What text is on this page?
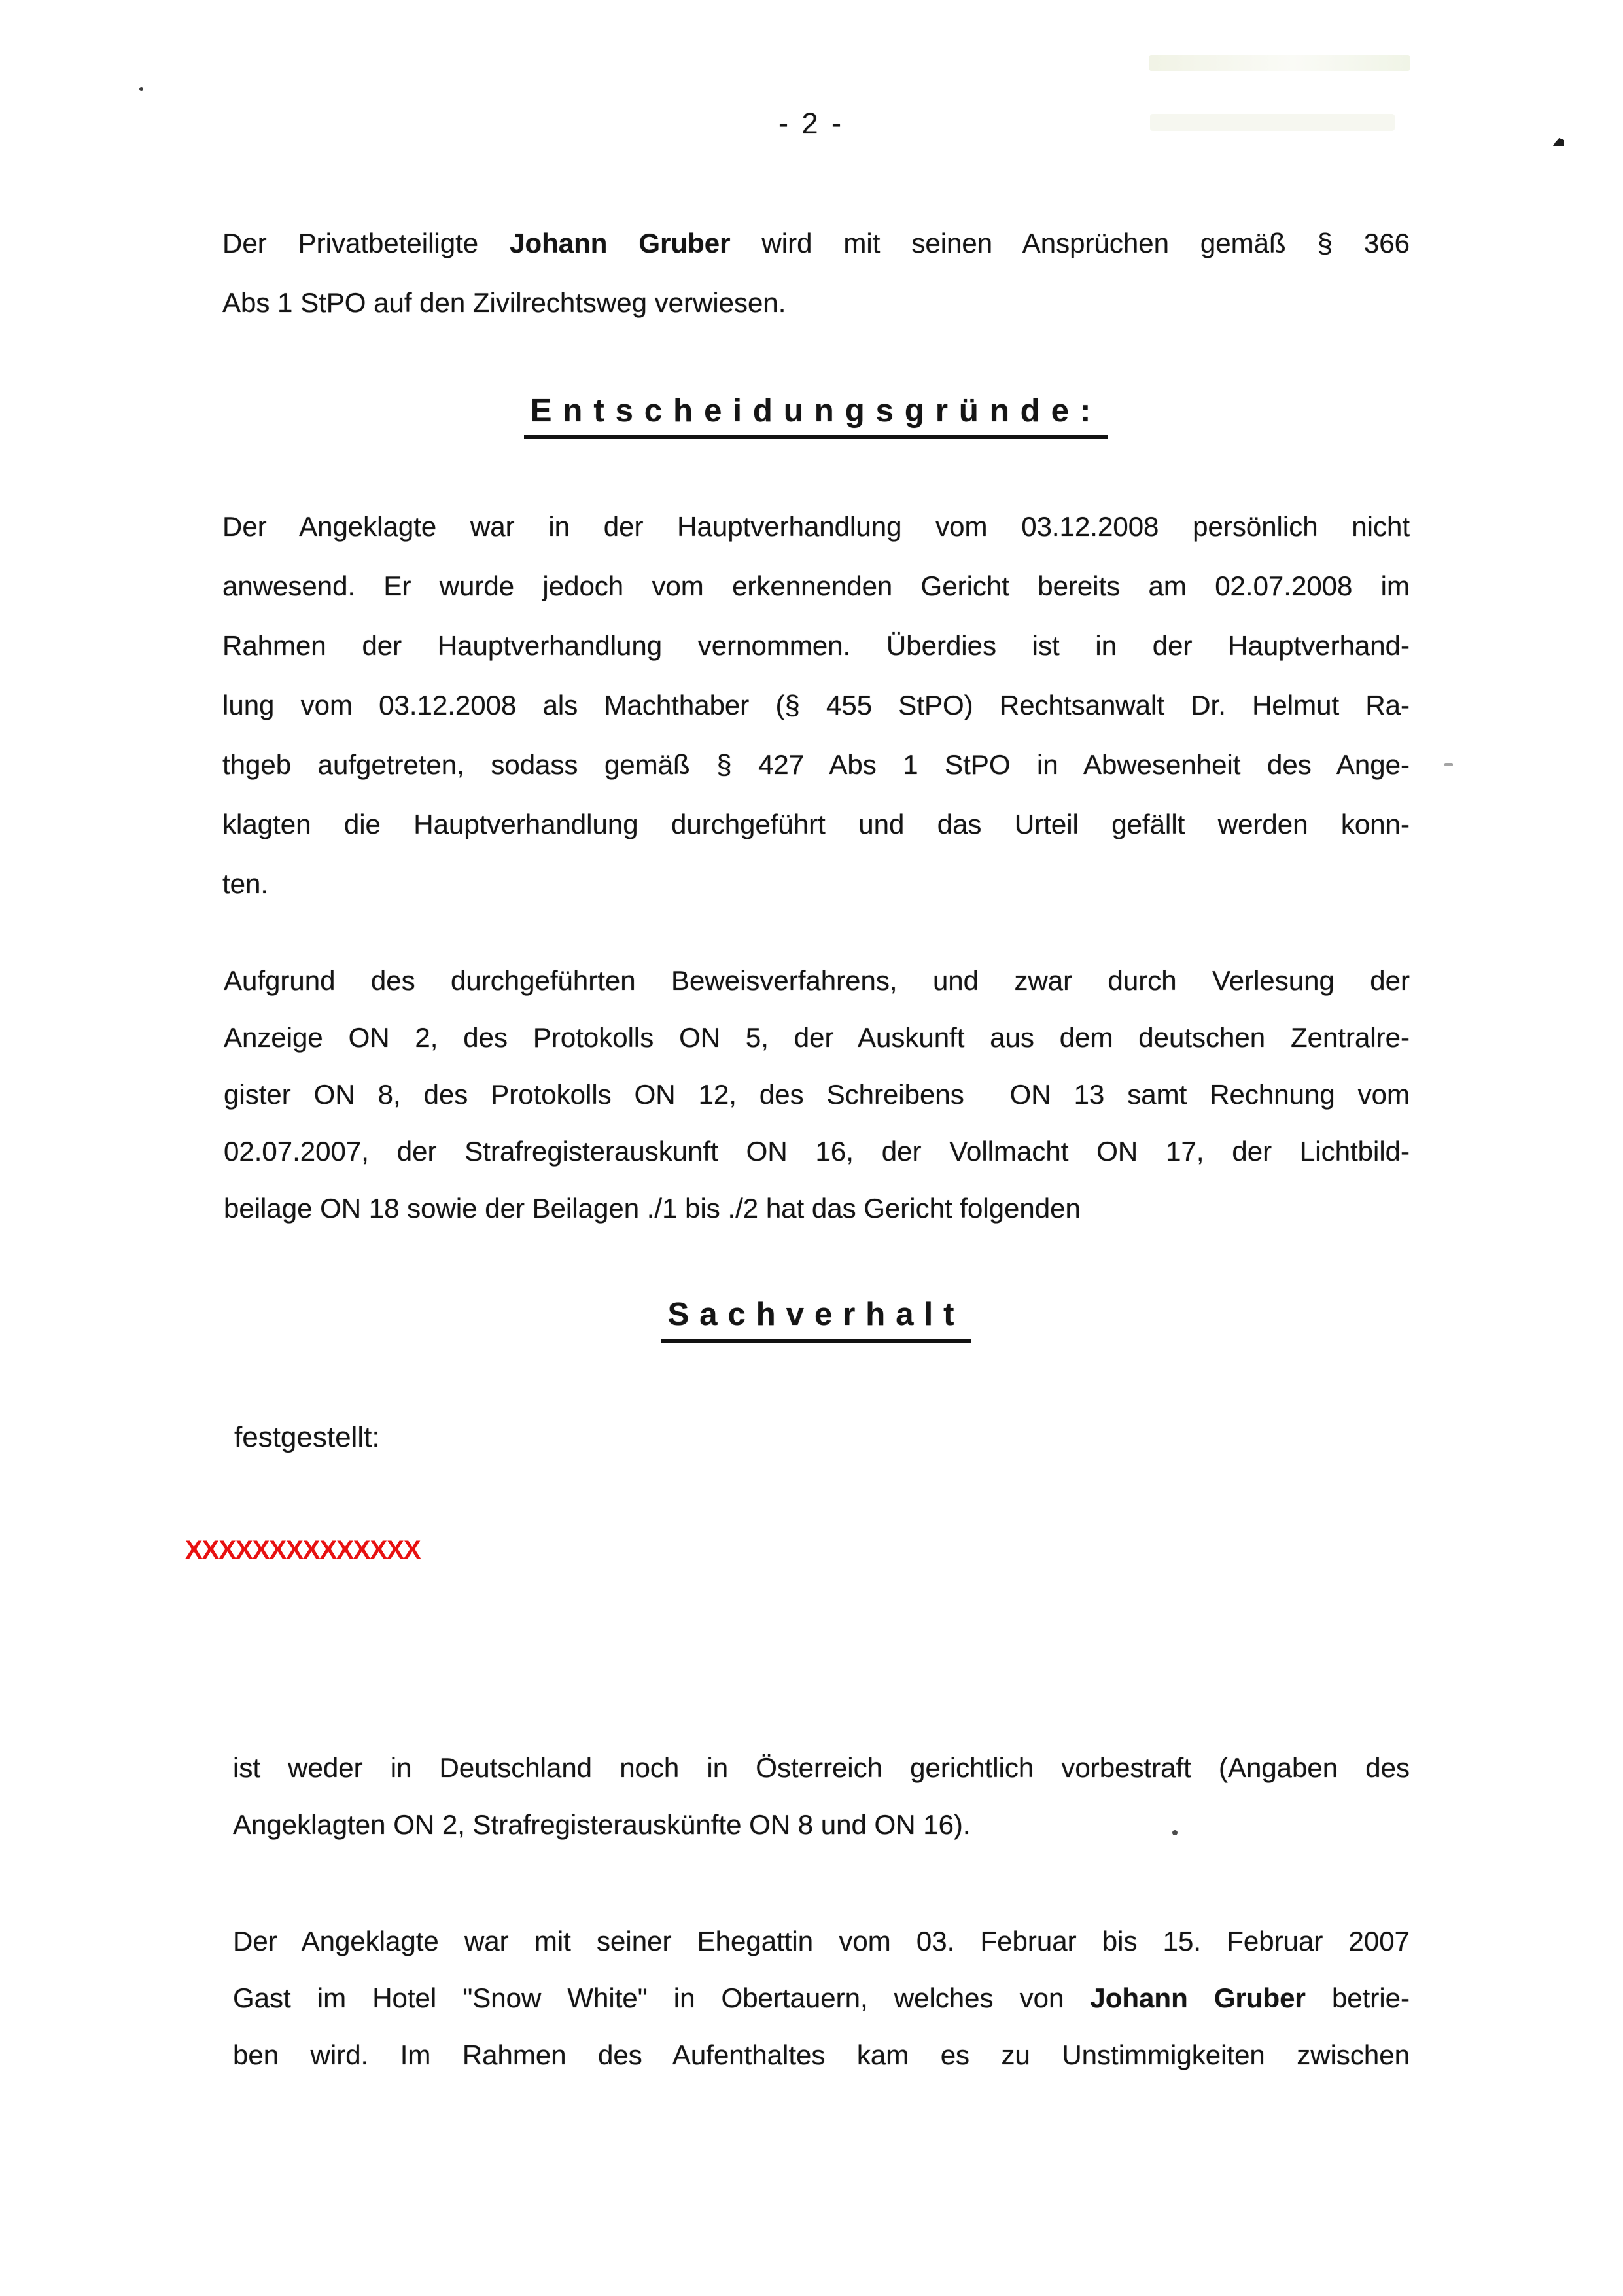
- 2 -
Der Privatbeteiligte Johann Gruber wird mit seinen Ansprüchen gemäß § 366
Abs 1 StPO auf den Zivilrechtsweg verwiesen.
Entscheidungsgründe:
Der Angeklagte war in der Hauptverhandlung vom 03.12.2008 persönlich nicht
anwesend. Er wurde jedoch vom erkennenden Gericht bereits am 02.07.2008 im
Rahmen der Hauptverhandlung vernommen. Überdies ist in der Hauptverhand-
lung vom 03.12.2008 als Machthaber (§ 455 StPO) Rechtsanwalt Dr. Helmut Ra-
thgeb aufgetreten, sodass gemäß § 427 Abs 1 StPO in Abwesenheit des Ange-
klagten die Hauptverhandlung durchgeführt und das Urteil gefällt werden konn-
ten.
Aufgrund des durchgeführten Beweisverfahrens, und zwar durch Verlesung der
Anzeige ON 2, des Protokolls ON 5, der Auskunft aus dem deutschen Zentralre-
gister ON 8, des Protokolls ON 12, des Schreibens  ON 13 samt Rechnung vom
02.07.2007, der Strafregisterauskunft ON 16, der Vollmacht ON 17, der Lichtbild-
beilage ON 18 sowie der Beilagen ./1 bis ./2 hat das Gericht folgenden
Sachverhalt
festgestellt:
XXXXXXXXXXXXXX
ist weder in Deutschland noch in Österreich gerichtlich vorbestraft (Angaben des
Angeklagten ON 2, Strafregisterauskünfte ON 8 und ON 16).
Der Angeklagte war mit seiner Ehegattin vom 03. Februar bis 15. Februar 2007
Gast im Hotel "Snow White" in Obertauern, welches von Johann Gruber betrie-
ben wird. Im Rahmen des Aufenthaltes kam es zu Unstimmigkeiten zwischen
